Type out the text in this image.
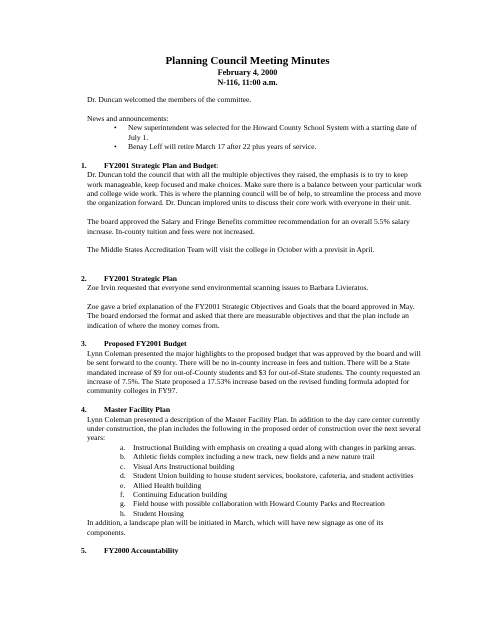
Planning Council Meeting Minutes
February 4, 2000
N-116, 11:00 a.m.

Dr. Duncan welcomed the members of the committee.

News and announcements:

•	New superintendent was selected for the Howard County School System with a starting date of July 1.
•	Benay Leff will retire March 17 after 22 plus years of service.
1.	FY2001 Strategic Plan and Budget:

Dr. Duncan told the council that with all the multiple objectives they raised, the emphasis is to try to keep work manageable, keep focused and make choices. Make sure there is a balance between your particular work and college wide work. This is where the planning council will be of help, to streamline the process and move the organization forward. Dr. Duncan implored units to discuss their core work with everyone in their unit.

The board approved the Salary and Fringe Benefits committee recommendation for an overall 5.5% salary increase. In-county tuition and fees were not increased.

The Middle States Accreditation Team will visit the college in October with a previsit in April.

2.	FY2001 Strategic Plan

Zoe Irvin requested that everyone send environmental scanning issues to Barbara Livieratos.

Zoe gave a brief explanation of the FY2001 Strategic Objectives and Goals that the board approved in May. The board endorsed the format and asked that there are measurable objectives and that the plan include an indication of where the money comes from.

3.	Proposed FY2001 Budget

Lynn Coleman presented the major highlights to the proposed budget that was approved by the board and will be sent forward to the county. There will be no in-county increase in fees and tuition. There will be a State mandated increase of $9 for out-of-County students and $3 for out-of-State students. The county requested an increase of 7.5%. The State proposed a 17.53% increase based on the revised funding formula adopted for community colleges in FY97.

4.	Master Facility Plan

Lynn Coleman presented a description of the Master Facility Plan. In addition to the day care center currently under construction, the plan includes the following in the proposed order of construction over the next several years:

a.	Instructional Building with emphasis on creating a quad along with changes in parking areas.
b. Athletic fields complex including a new track, new fields and a new nature trail
c.	Visual Arts Instructional building
d. Student Union building to house student services, bookstore, cafeteria, and student activities
e.	Allied Health building
f.	Continuing Education building
g. Field house with possible collaboration with Howard County Parks and Recreation
h. Student Housing

In addition, a landscape plan will be initiated in March, which will have new signage as one of its components.

5.	FY2000 Accountability
